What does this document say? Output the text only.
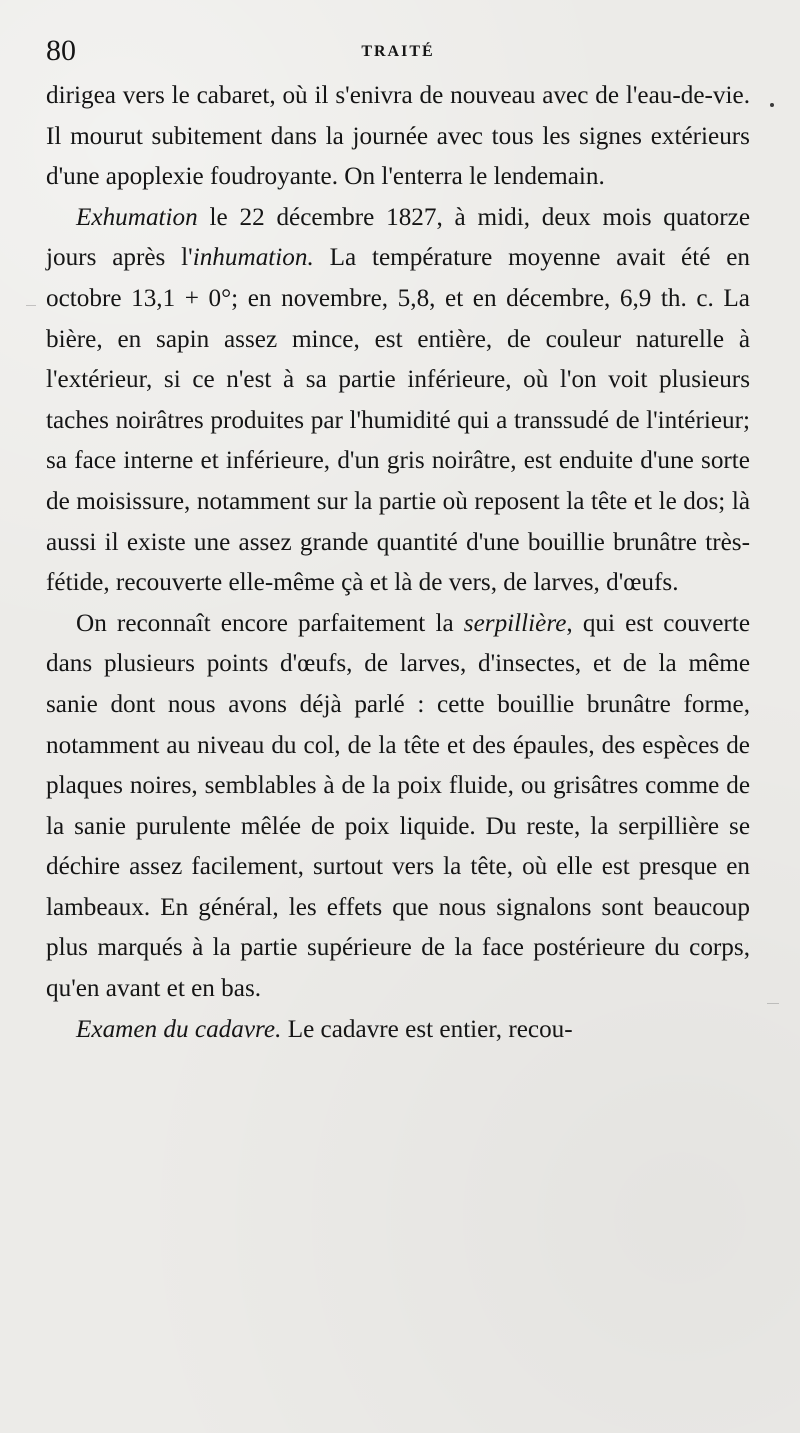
80	TRAITÉ

dirigea vers le cabaret, où il s'enivra de nouveau avec de l'eau-de-vie. Il mourut subitement dans la journée avec tous les signes extérieurs d'une apoplexie foudroyante. On l'enterra le lendemain.

Exhumation le 22 décembre 1827, à midi, deux mois quatorze jours après l'inhumation. La température moyenne avait été en octobre 13,1 + 0°; en novembre, 5,8, et en décembre, 6,9 th. c. La bière, en sapin assez mince, est entière, de couleur naturelle à l'extérieur, si ce n'est à sa partie inférieure, où l'on voit plusieurs taches noirâtres produites par l'humidité qui a transsudé de l'intérieur; sa face interne et inférieure, d'un gris noirâtre, est enduite d'une sorte de moisissure, notamment sur la partie où reposent la tête et le dos; là aussi il existe une assez grande quantité d'une bouillie brunâtre très-fétide, recouverte elle-même çà et là de vers, de larves, d'œufs.

On reconnaît encore parfaitement la serpillière, qui est couverte dans plusieurs points d'œufs, de larves, d'insectes, et de la même sanie dont nous avons déjà parlé : cette bouillie brunâtre forme, notamment au niveau du col, de la tête et des épaules, des espèces de plaques noires, semblables à de la poix fluide, ou grisâtres comme de la sanie purulente mêlée de poix liquide. Du reste, la serpillière se déchire assez facilement, surtout vers la tête, où elle est presque en lambeaux. En général, les effets que nous signalons sont beaucoup plus marqués à la partie supérieure de la face postérieure du corps, qu'en avant et en bas.

Examen du cadavre. Le cadavre est entier, recou-
